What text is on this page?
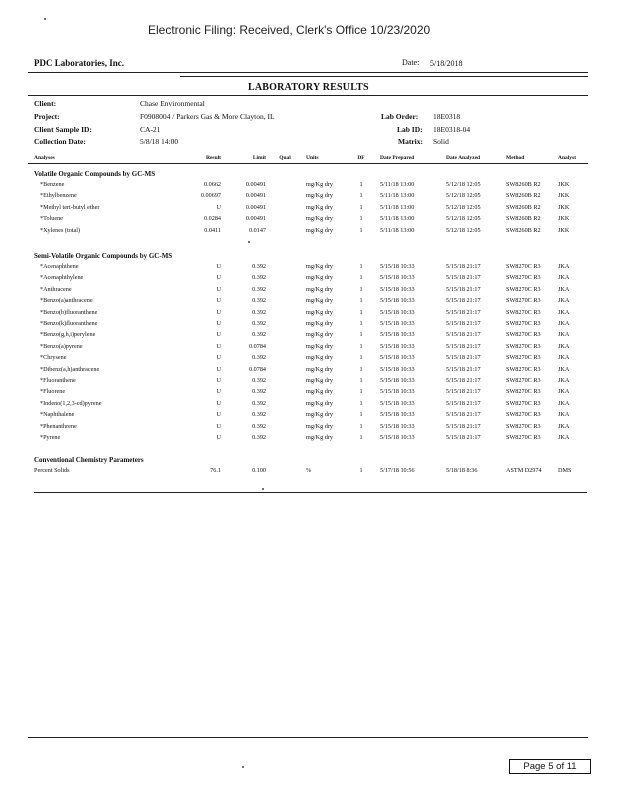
Electronic Filing: Received, Clerk's Office 10/23/2020
PDC Laboratories, Inc.	Date: 5/18/2018
LABORATORY RESULTS
Client:	Chase Environmental
Project:	F0908004 / Parkers Gas & More Clayton, IL
Client Sample ID:	CA-21
Collection Date:	5/8/18 14:00
Lab Order: 18E0318
Lab ID: 18E0318-04
Matrix: Solid
Analyses	Result	Limit	Qual	Units	DF	Date Prepared	Date Analyzed	Method	Analyst
Volatile Organic Compounds by GC-MS
*Benzene	0.0662	0.00491	mg/Kg dry	1	5/11/18 13:00	5/12/18 12:05	SW8260B R2	JKK
*Ethylbenzene	0.00697	0.00491	mg/Kg dry	1	5/11/18 13:00	5/12/18 12:05	SW8260B R2	JKK
*Methyl tert-butyl ether	U	0.00491	mg/Kg dry	1	5/11/18 13:00	5/12/18 12:05	SW8260B R2	JKK
*Toluene	0.0284	0.00491	mg/Kg dry	1	5/11/18 13:00	5/12/18 12:05	SW8260B R2	JKK
*Xylenes (total)	0.0411	0.0147	mg/Kg dry	1	5/11/18 13:00	5/12/18 12:05	SW8260B R2	JKK
Semi-Volatile Organic Compounds by GC-MS
*Acenaphthene	U	0.392	mg/Kg dry	1	5/15/18 10:33	5/15/18 21:17	SW8270C R3	JKA
*Acenaphthylene	U	0.392	mg/Kg dry	1	5/15/18 10:33	5/15/18 21:17	SW8270C R3	JKA
*Anthracene	U	0.392	mg/Kg dry	1	5/15/18 10:33	5/15/18 21:17	SW8270C R3	JKA
*Benzo(a)anthracene	U	0.392	mg/Kg dry	1	5/15/18 10:33	5/15/18 21:17	SW8270C R3	JKA
*Benzo(b)fluoranthene	U	0.392	mg/Kg dry	1	5/15/18 10:33	5/15/18 21:17	SW8270C R3	JKA
*Benzo(k)fluoranthene	U	0.392	mg/Kg dry	1	5/15/18 10:33	5/15/18 21:17	SW8270C R3	JKA
*Benzo(g,h,i)perylene	U	0.392	mg/Kg dry	1	5/15/18 10:33	5/15/18 21:17	SW8270C R3	JKA
*Benzo(a)pyrene	U	0.0784	mg/Kg dry	1	5/15/18 10:33	5/15/18 21:17	SW8270C R3	JKA
*Chrysene	U	0.392	mg/Kg dry	1	5/15/18 10:33	5/15/18 21:17	SW8270C R3	JKA
*Dibenz(a,h)anthracene	U	0.0784	mg/Kg dry	1	5/15/18 10:33	5/15/18 21:17	SW8270C R3	JKA
*Fluoranthene	U	0.392	mg/Kg dry	1	5/15/18 10:33	5/15/18 21:17	SW8270C R3	JKA
*Fluorene	U	0.392	mg/Kg dry	1	5/15/18 10:33	5/15/18 21:17	SW8270C R3	JKA
*Indeno(1,2,3-cd)pyrene	U	0.392	mg/Kg dry	1	5/15/18 10:33	5/15/18 21:17	SW8270C R3	JKA
*Naphthalene	U	0.392	mg/Kg dry	1	5/15/18 10:33	5/15/18 21:17	SW8270C R3	JKA
*Phenanthrene	U	0.392	mg/Kg dry	1	5/15/18 10:33	5/15/18 21:17	SW8270C R3	JKA
*Pyrene	U	0.392	mg/Kg dry	1	5/15/18 10:33	5/15/18 21:17	SW8270C R3	JKA
Conventional Chemistry Parameters
Percent Solids	76.1	0.100	%	1	5/17/18 10:56	5/18/18 8:36	ASTM D2974	DMS
Page 5 of 11
